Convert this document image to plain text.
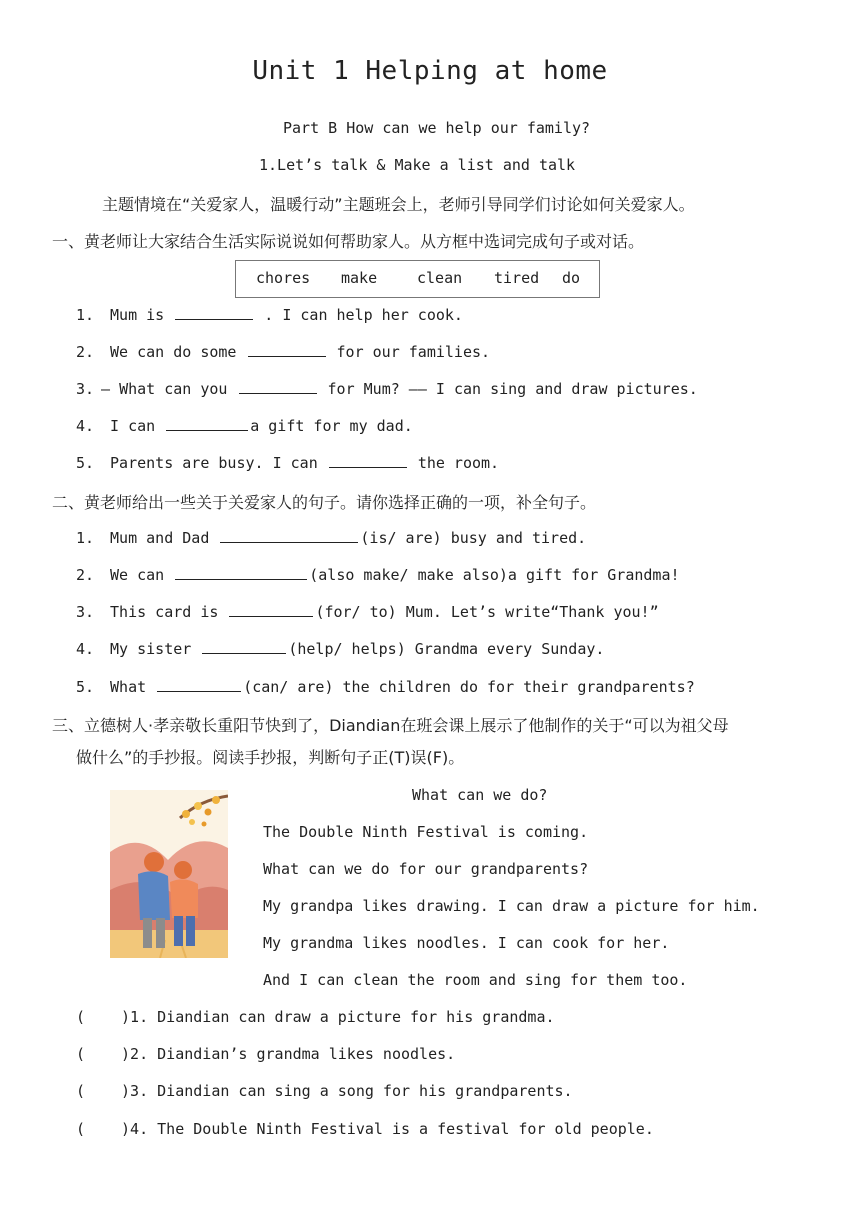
Unit 1 Helping at home
Part B How can we help our family?
1.Let’s talk & Make a list and talk
主题情境在“关爱家人，温暖行动”主题班会上，老师引导同学们讨论如何关爱家人。
一、黄老师让大家结合生活实际说说如何帮助家人。从方框中选词完成句子或对话。
chores make	clean tired do
1. Mum is	. I can help her cook.
2. We can do some	for our families.
3. — What can you	for Mum? —— I can sing and draw pictures.
4. I can	a gift for my dad.
5. Parents are busy. I can	the room.
二、黄老师给出一些关于关爱家人的句子。请你选择正确的一项，补全句子。
1. Mum and Dad	(is/ are) busy and tired.
2. We can	(also make/ make also)a gift for Grandma!
3. This card is	(for/ to) Mum. Let’s write“Thank you!”
4. My sister	(help/ helps) Grandma every Sunday.
5. What	(can/ are) the children do for their grandparents?
三、立德树人·孝亲敬长重阳节快到了，Diandian在班会课上展示了他制作的关于“可以为祖父母
做什么”的手抄报。阅读手抄报，判断句子正(T)误(F)。
What can we do?
The Double Ninth Festival is coming.
What can we do for our grandparents?
My grandpa likes drawing. I can draw a picture for him.
My grandma likes noodles. I can cook for her.
And I can clean the room and sing for them too.
( )1. Diandian can draw a picture for his grandma.
( )2. Diandian’s grandma likes noodles.
( )3. Diandian can sing a song for his grandparents.
( )4. The Double Ninth Festival is a festival for old people.
